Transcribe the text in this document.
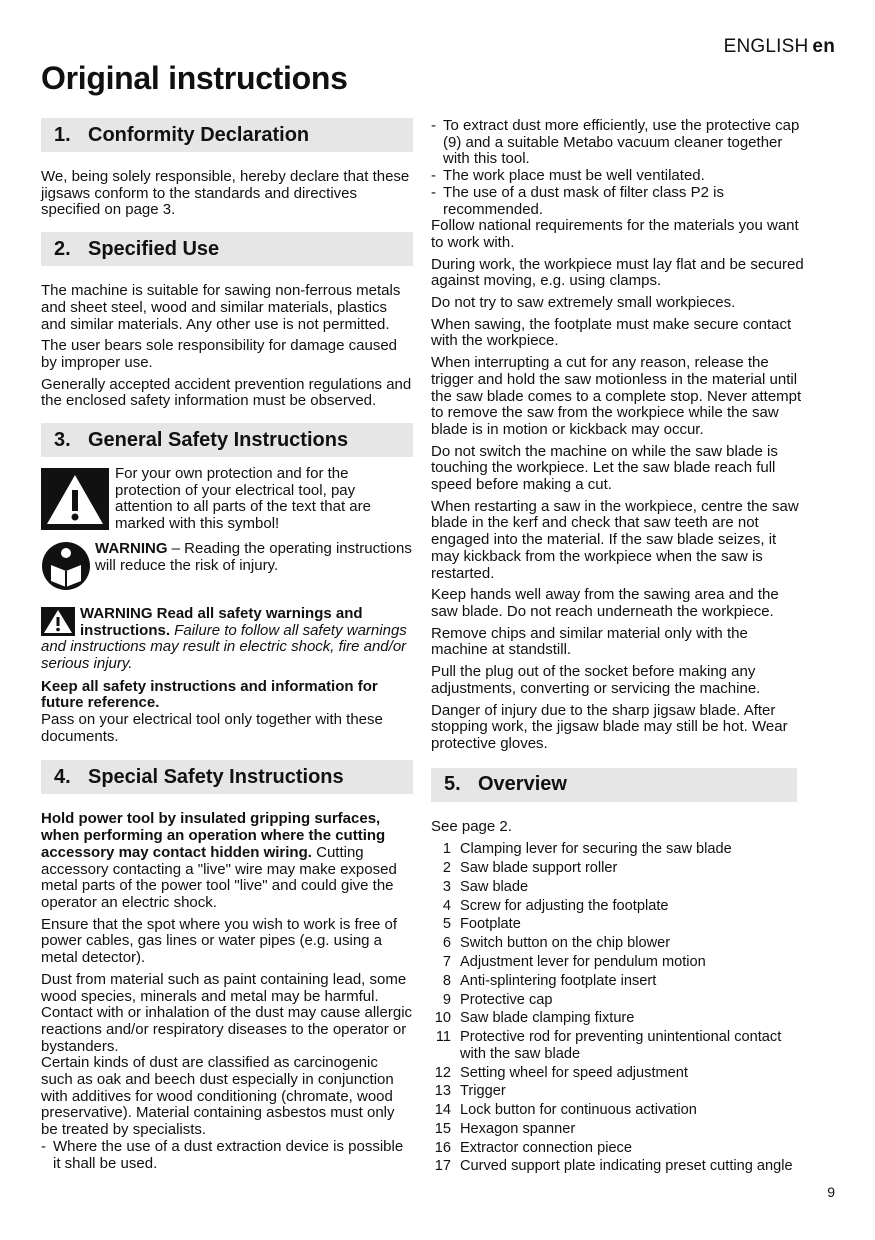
ENGLISH en
Original instructions
1. Conformity Declaration

We, being solely responsible, hereby declare that these jigsaws conform to the standards and directives specified on page 3.

2. Specified Use

The machine is suitable for sawing non-ferrous metals and sheet steel, wood and similar materials, plastics and similar materials. Any other use is not permitted.

The user bears sole responsibility for damage caused by improper use.

Generally accepted accident prevention regulations and the enclosed safety information must be observed.

3. General Safety Instructions

For your own protection and for the protection of your electrical tool, pay attention to all parts of the text that are marked with this symbol!

WARNING – Reading the operating instructions will reduce the risk of injury.

WARNING Read all safety warnings and instructions. Failure to follow all safety warnings and instructions may result in electric shock, fire and/or serious injury.

Keep all safety instructions and information for future reference.

Pass on your electrical tool only together with these documents.

4. Special Safety Instructions

Hold power tool by insulated gripping surfaces, when performing an operation where the cutting accessory may contact hidden wiring. Cutting accessory contacting a "live" wire may make exposed metal parts of the power tool "live" and could give the operator an electric shock.

Ensure that the spot where you wish to work is free of power cables, gas lines or water pipes (e.g. using a metal detector).

Dust from material such as paint containing lead, some wood species, minerals and metal may be harmful. Contact with or inhalation of the dust may cause allergic reactions and/or respiratory diseases to the operator or bystanders.

Certain kinds of dust are classified as carcinogenic such as oak and beech dust especially in conjunction with additives for wood conditioning (chromate, wood preservative). Material containing asbestos must only be treated by specialists.

- Where the use of a dust extraction device is possible it shall be used.
- To extract dust more efficiently, use the protective cap (9) and a suitable Metabo vacuum cleaner together with this tool.
- The work place must be well ventilated.
- The use of a dust mask of filter class P2 is recommended.

Follow national requirements for the materials you want to work with.

During work, the workpiece must lay flat and be secured against moving, e.g. using clamps.

Do not try to saw extremely small workpieces.

When sawing, the footplate must make secure contact with the workpiece.

When interrupting a cut for any reason, release the trigger and hold the saw motionless in the material until the saw blade comes to a complete stop. Never attempt to remove the saw from the workpiece while the saw blade is in motion or kickback may occur.

Do not switch the machine on while the saw blade is touching the workpiece. Let the saw blade reach full speed before making a cut.

When restarting a saw in the workpiece, centre the saw blade in the kerf and check that saw teeth are not engaged into the material. If the saw blade seizes, it may kickback from the workpiece when the saw is restarted.

Keep hands well away from the sawing area and the saw blade. Do not reach underneath the workpiece.

Remove chips and similar material only with the machine at standstill.

Pull the plug out of the socket before making any adjustments, converting or servicing the machine.

Danger of injury due to the sharp jigsaw blade. After stopping work, the jigsaw blade may still be hot. Wear protective gloves.

5. Overview

See page 2.

1 Clamping lever for securing the saw blade
2 Saw blade support roller
3 Saw blade
4 Screw for adjusting the footplate
5 Footplate
6 Switch button on the chip blower
7 Adjustment lever for pendulum motion
8 Anti-splintering footplate insert
9 Protective cap
10 Saw blade clamping fixture
11 Protective rod for preventing unintentional contact with the saw blade
12 Setting wheel for speed adjustment
13 Trigger
14 Lock button for continuous activation
15 Hexagon spanner
16 Extractor connection piece
17 Curved support plate indicating preset cutting angle
9
